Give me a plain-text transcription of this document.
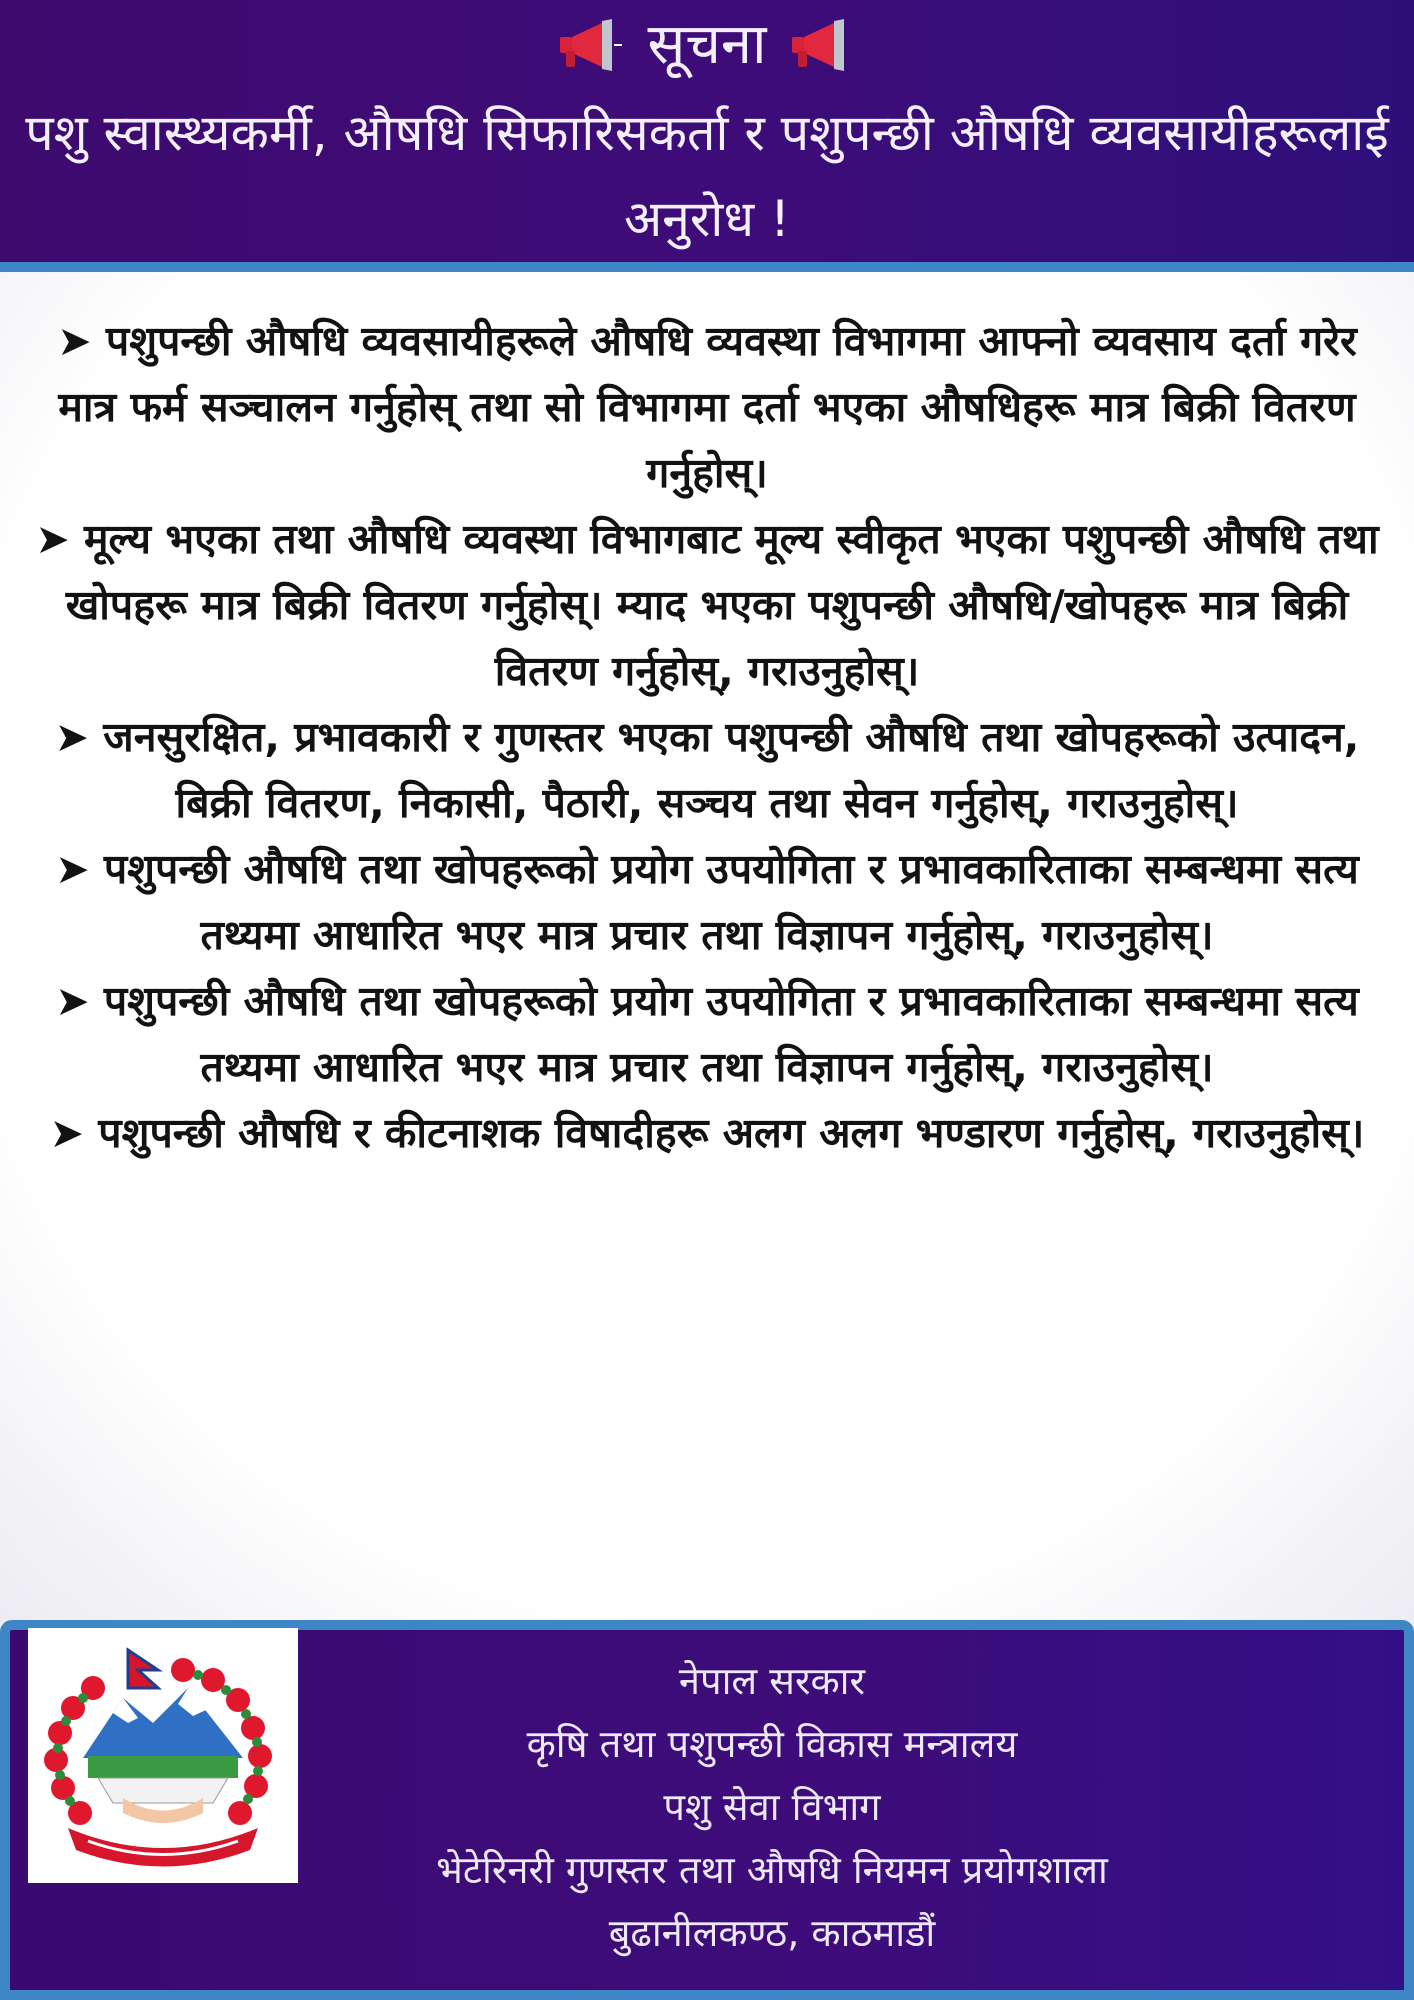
सूचना
पशु स्वास्थ्यकर्मी, औषधि सिफारिसकर्ता र पशुपन्छी औषधि व्यवसायीहरूलाई अनुरोध !
➤ पशुपन्छी औषधि व्यवसायीहरूले औषधि व्यवस्था विभागमा आफ्नो व्यवसाय दर्ता गरेर मात्र फर्म सञ्चालन गर्नुहोस् तथा सो विभागमा दर्ता भएका औषधिहरू मात्र बिक्री वितरण गर्नुहोस्।
➤ मूल्य भएका तथा औषधि व्यवस्था विभागबाट मूल्य स्वीकृत भएका पशुपन्छी औषधि तथा खोपहरू मात्र बिक्री वितरण गर्नुहोस्। म्याद भएका पशुपन्छी औषधि/खोपहरू मात्र बिक्री वितरण गर्नुहोस्, गराउनुहोस्।
➤ जनसुरक्षित, प्रभावकारी र गुणस्तर भएका पशुपन्छी औषधि तथा खोपहरूको उत्पादन, बिक्री वितरण, निकासी, पैठारी, सञ्चय तथा सेवन गर्नुहोस्, गराउनुहोस्।
➤ पशुपन्छी औषधि तथा खोपहरूको प्रयोग उपयोगिता र प्रभावकारिताका सम्बन्धमा सत्य तथ्यमा आधारित भएर मात्र प्रचार तथा विज्ञापन गर्नुहोस्, गराउनुहोस्।
➤ पशुपन्छी औषधि तथा खोपहरूको प्रयोग उपयोगिता र प्रभावकारिताका सम्बन्धमा सत्य तथ्यमा आधारित भएर मात्र प्रचार तथा विज्ञापन गर्नुहोस्, गराउनुहोस्।
➤ पशुपन्छी औषधि र कीटनाशक विषादीहरू अलग अलग भण्डारण गर्नुहोस्, गराउनुहोस्।
नेपाल सरकार
कृषि तथा पशुपन्छी विकास मन्त्रालय
पशु सेवा विभाग
भेटेरिनरी गुणस्तर तथा औषधि नियमन प्रयोगशाला
बुढानीलकण्ठ, काठमाडौं
